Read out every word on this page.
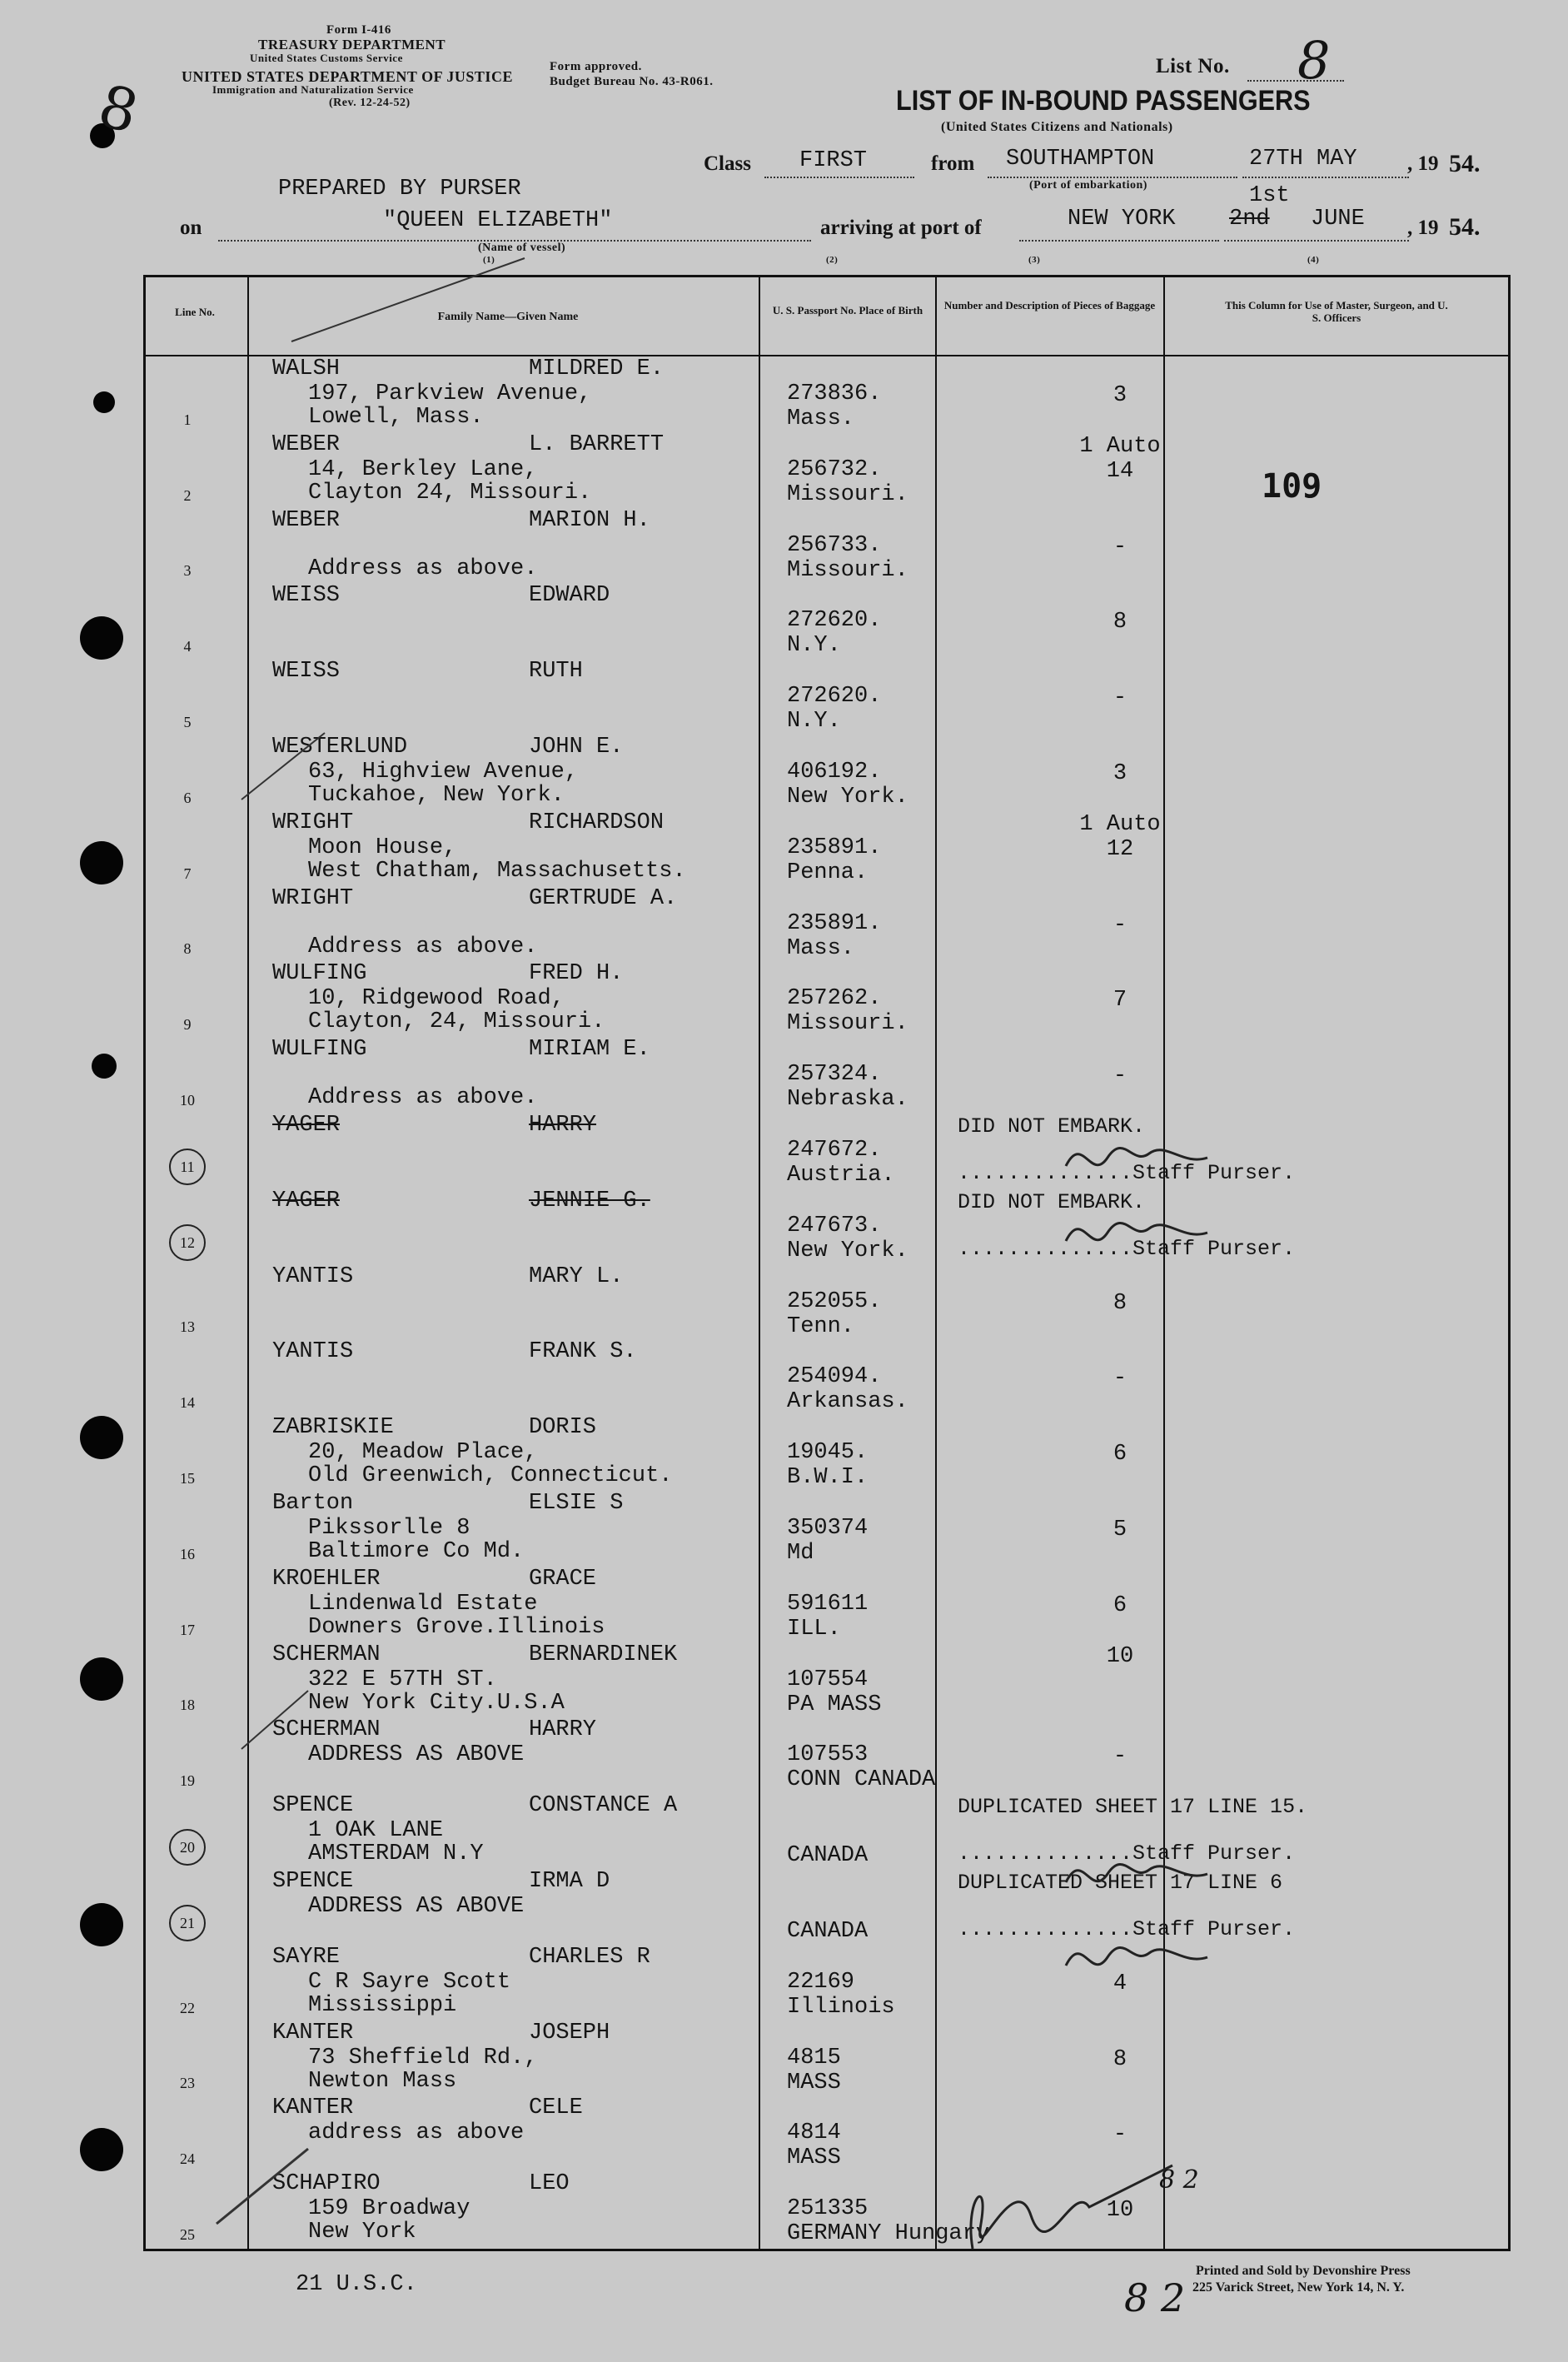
8
Form I-416
TREASURY DEPARTMENT
United States Customs Service
UNITED STATES DEPARTMENT OF JUSTICE
Immigration and Naturalization Service
(Rev. 12-24-52)
Form approved.
Budget Bureau No. 43-R061.
List No. 8
LIST OF IN-BOUND PASSENGERS
(United States Citizens and Nationals)
Class FIRST	from SOUTHAMPTON
(Port of embarkation)
27TH MAY , 19 54.
PREPARED BY PURSER
on	"QUEEN ELIZABETH"
(Name of vessel)
(1)
arriving at port of	NEW YORK
1st
2nd JUNE , 19 54.
(2)	(3)	(4)
Line No.	Family Name—Given Name
U. S. Passport No. Place of Birth	Number and Description of Pieces of Baggage	This Column for Use of Master, Surgeon, and U. S. Officers
109
1
WALSH	MILDRED E.
197, Parkview Avenue,
Lowell, Mass.
273836.
Mass.
3
2
WEBER	L. BARRETT
14, Berkley Lane,
Clayton 24, Missouri.
256732.
Missouri.
1 Auto
14
3
WEBER	MARION H.
Address as above.
256733.
Missouri.
-
4
WEISS	EDWARD
272620.
N.Y.
8
5
WEISS	RUTH
272620.
N.Y.
-
6
WESTERLUND	JOHN E.
63, Highview Avenue,
Tuckahoe, New York.
406192.
New York.
3
7
WRIGHT	RICHARDSON
Moon House,
West Chatham, Massachusetts.
235891.
Penna.
1 Auto
12
8
WRIGHT	GERTRUDE A.
Address as above.
235891.
Mass.
-
9
WULFING	FRED H.
10, Ridgewood Road,
Clayton, 24, Missouri.
257262.
Missouri.
7
10
WULFING	MIRIAM E.
Address as above.
257324.
Nebraska.
-
11
YAGER	HARRY
247672.
Austria.
DID NOT EMBARK.
..............Staff Purser.
12
YAGER	JENNIE G.
247673.
New York.
DID NOT EMBARK.
..............Staff Purser.
13
YANTIS	MARY L.
252055.
Tenn.
8
14
YANTIS	FRANK S.
254094.
Arkansas.
-
15
ZABRISKIE	DORIS
20, Meadow Place,
Old Greenwich, Connecticut.
19045.
B.W.I.
6
16
Barton	ELSIE S
Pikssorlle 8
Baltimore Co Md.
350374
Md
5
17
KROEHLER	GRACE
Lindenwald Estate
Downers Grove.Illinois
591611
ILL.
6
18
SCHERMAN	BERNARDINEK
322 E 57TH ST.
New York City.U.S.A
107554
PA MASS
10
19
SCHERMAN	HARRY
ADDRESS AS ABOVE	107553
CONN CANADA
-
20
SPENCE	CONSTANCE A
1 OAK LANE
AMSTERDAM N.Y	CANADA
DUPLICATED SHEET 17 LINE 15.
..............Staff Purser.
21
SPENCE	IRMA D
ADDRESS AS ABOVE
CANADA
DUPLICATED SHEET 17 LINE 6
..............Staff Purser.
22
SAYRE	CHARLES R
C R Sayre Scott
Mississippi
22169
Illinois
4
23
KANTER	JOSEPH
73 Sheffield Rd.,
Newton Mass
4815
MASS
8
24
KANTER	CELE
address as above	4814
MASS
-
25
SCHAPIRO	LEO
159 Broadway
New York
251335
GERMANY Hungary
10
21 U.S.C.
Printed and Sold by Devonshire Press
225 Varick Street, New York 14, N. Y.
8 2
8 2
